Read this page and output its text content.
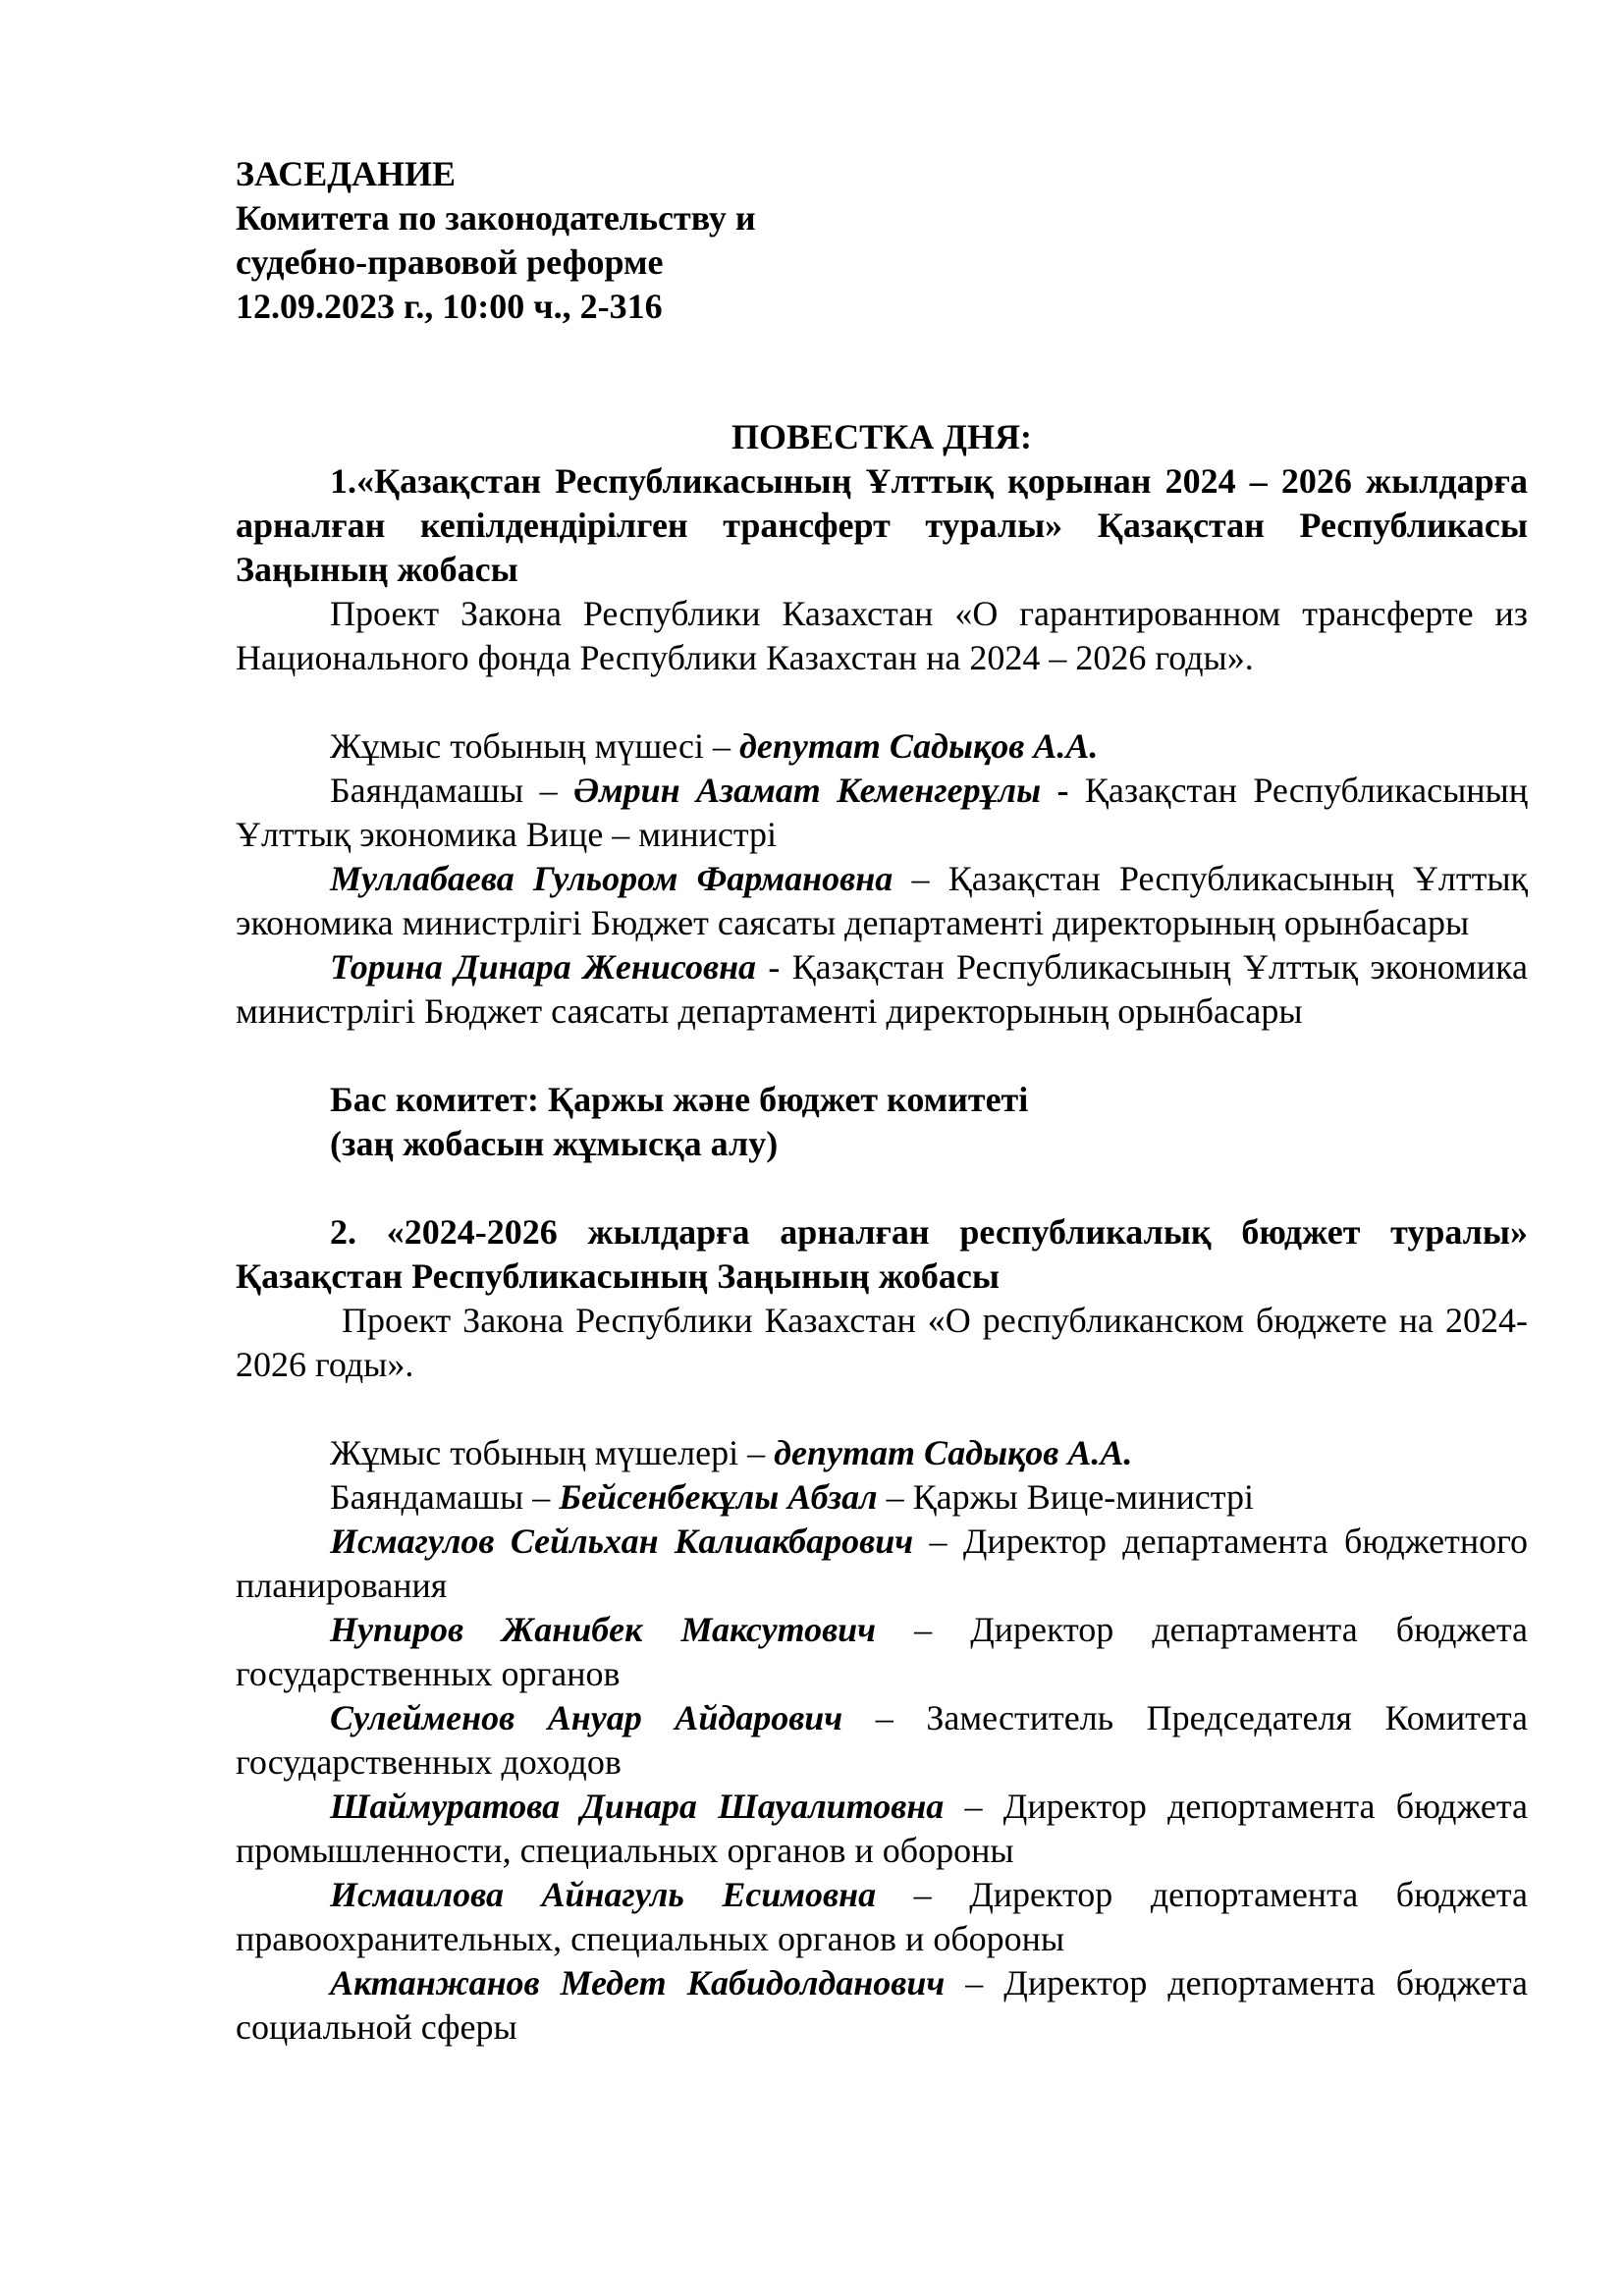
ЗАСЕДАНИЕ
Комитета по законодательству и
судебно-правовой реформе
12.09.2023 г., 10:00 ч., 2-316

ПОВЕСТКА ДНЯ:

1.«Қазақстан Республикасының Ұлттық қорынан 2024 – 2026 жылдарға арналған кепілдендірілген трансферт туралы» Қазақстан Республикасы Заңының жобасы

Проект Закона Республики Казахстан «О гарантированном трансферте из Национального фонда Республики Казахстан на 2024 – 2026 годы».

Жұмыс тобының мүшесі – депутат Садықов А.А.

Баяндамашы – Әмрин Азамат Кеменгерұлы - Қазақстан Республикасының Ұлттық экономика Вице – министрі

Муллабаева Гульором Фармановна – Қазақстан Республикасының Ұлттық экономика министрлігі Бюджет саясаты департаменті директорының орынбасары

Торина Динара Женисовна - Қазақстан Республикасының Ұлттық экономика министрлігі Бюджет саясаты департаменті директорының орынбасары

Бас комитет: Қаржы және бюджет комитеті

(заң жобасын жұмысқа алу)

2. «2024-2026 жылдарға арналған республикалық бюджет туралы» Қазақстан Республикасының Заңының жобасы

Проект Закона Республики Казахстан «О республиканском бюджете на 2024-2026 годы».

Жұмыс тобының мүшелері – депутат Садықов А.А.

Баяндамашы – Бейсенбекұлы Абзал – Қаржы Вице-министрі

Исмагулов Сейльхан Калиакбарович – Директор департамента бюджетного планирования

Нупиров Жанибек Максутович – Директор департамента бюджета государственных органов

Сулейменов Ануар Айдарович – Заместитель Председателя Комитета государственных доходов

Шаймуратова Динара Шауалитовна – Директор депортамента бюджета промышленности, специальных органов и обороны

Исмаилова Айнагуль Есимовна – Директор депортамента бюджета правоохранительных, специальных органов и обороны

Актанжанов Медет Кабидолданович – Директор депортамента бюджета социальной сферы
